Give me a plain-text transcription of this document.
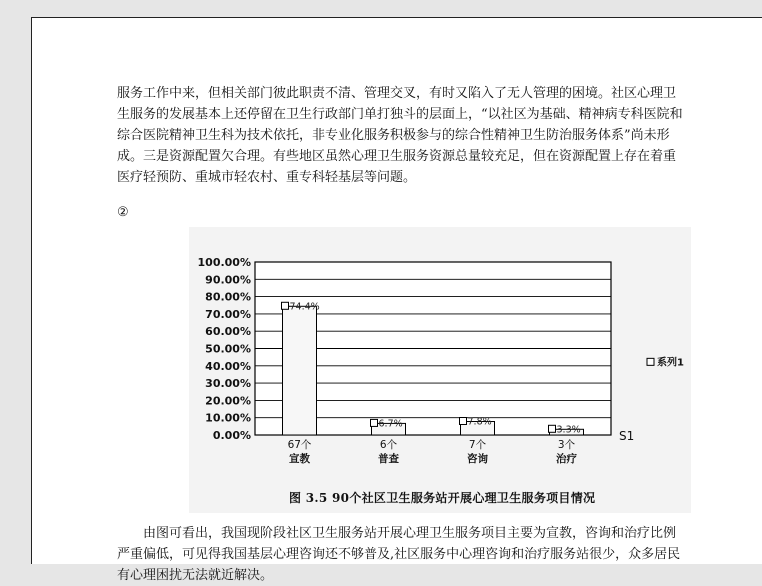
服务工作中来，但相关部门彼此职责不清、管理交叉，有时又陷入了无人管理的困境。社区心理卫生服务的发展基本上还停留在卫生行政部门单打独斗的层面上，“以社区为基础、精神病专科医院和综合医院精神卫生科为技术依托，非专业化服务积极参与的综合性精神卫生防治服务体系”尚未形成。三是资源配置欠合理。有些地区虽然心理卫生服务资源总量较充足，但在资源配置上存在着重医疗轻预防、重城市轻农村、重专科轻基层等问题。

②
100.00%
90.00%
80.00%
70.00%
60.00%
50.00%
40.00%
30.00%
20.00%
10.00%
0.00%
74.4%
67个
宣教
6.7%
6个
普查
7.8%
7个
咨询
3.3%
3个
治疗
S1
系列1
图 3.5 90个社区卫生服务站开展心理卫生服务项目情况

由图可看出，我国现阶段社区卫生服务站开展心理卫生服务项目主要为宣教，咨询和治疗比例严重偏低，可见得我国基层心理咨询还不够普及,社区服务中心理咨询和治疗服务站很少，众多居民有心理困扰无法就近解决。
